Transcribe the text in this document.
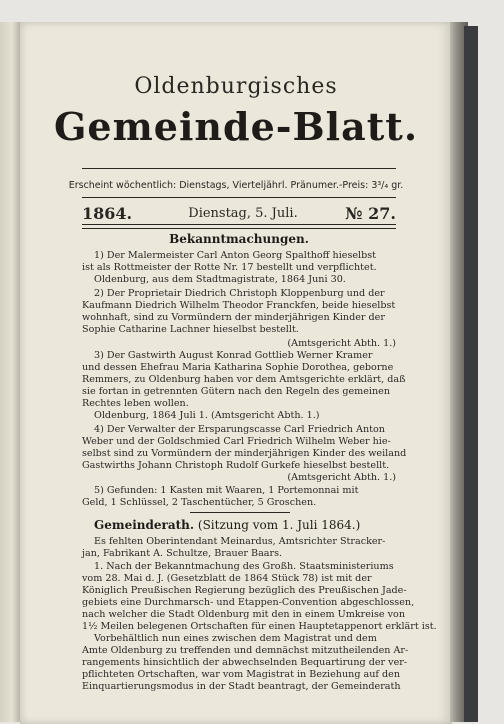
Oldenburgisches
Gemeinde-Blatt.
Erscheint wöchentlich: Dienstags, Vierteljährl. Pränumer.-Preis: 3³/₄ gr.
1864.	Dienstag, 5. Juli.	№ 27.
Bekanntmachungen.
1) Der Malermeister Carl Anton Georg Spalthoff hieselbst
ist als Rottmeister der Rotte Nr. 17 bestellt und verpflichtet.
Oldenburg, aus dem Stadtmagistrate, 1864 Juni 30.
2) Der Proprietair Diedrich Christoph Kloppenburg und der
Kaufmann Diedrich Wilhelm Theodor Franckfen, beide hieselbst
wohnhaft, sind zu Vormündern der minderjährigen Kinder der
Sophie Catharine Lachner hieselbst bestellt.
(Amtsgericht Abth. 1.)
3) Der Gastwirth August Konrad Gottlieb Werner Kramer
und dessen Ehefrau Maria Katharina Sophie Dorothea, geborne
Remmers, zu Oldenburg haben vor dem Amtsgerichte erklärt, daß
sie fortan in getrennten Gütern nach den Regeln des gemeinen
Rechtes leben wollen.
Oldenburg, 1864 Juli 1. (Amtsgericht Abth. 1.)
4) Der Verwalter der Ersparungscasse Carl Friedrich Anton
Weber und der Goldschmied Carl Friedrich Wilhelm Weber hie-
selbst sind zu Vormündern der minderjährigen Kinder des weiland
Gastwirths Johann Christoph Rudolf Gurkefe hieselbst bestellt.
(Amtsgericht Abth. 1.)
5) Gefunden: 1 Kasten mit Waaren, 1 Portemonnai mit
Geld, 1 Schlüssel, 2 Taschentücher, 5 Groschen.
Gemeinderath. (Sitzung vom 1. Juli 1864.)
Es fehlten Oberintendant Meinardus, Amtsrichter Stracker-
jan, Fabrikant A. Schultze, Brauer Baars.
1. Nach der Bekanntmachung des Großh. Staatsministeriums
vom 28. Mai d. J. (Gesetzblatt de 1864 Stück 78) ist mit der
Königlich Preußischen Regierung bezüglich des Preußischen Jade-
gebiets eine Durchmarsch- und Etappen-Convention abgeschlossen,
nach welcher die Stadt Oldenburg mit den in einem Umkreise von
1½ Meilen belegenen Ortschaften für einen Hauptetappenort erklärt ist.
Vorbehältlich nun eines zwischen dem Magistrat und dem
Amte Oldenburg zu treffenden und demnächst mitzutheilenden Ar-
rangements hinsichtlich der abwechselnden Bequartirung der ver-
pflichteten Ortschaften, war vom Magistrat in Beziehung auf den
Einquartierungsmodus in der Stadt beantragt, der Gemeinderath
